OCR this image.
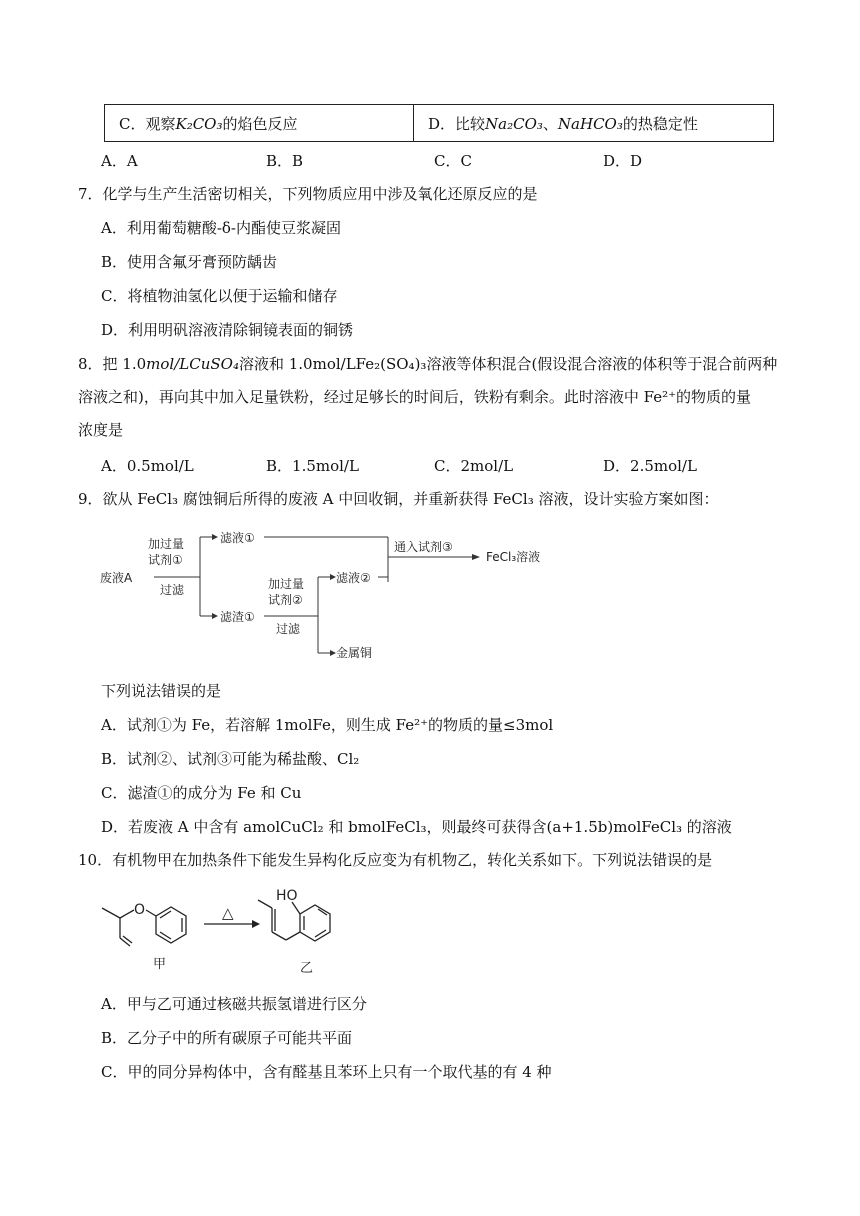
C．观察K₂CO₃的焰色反应	D．比较Na₂CO₃、NaHCO₃的热稳定性
A．A	B．B	C．C	D．D
7．化学与生产生活密切相关，下列物质应用中涉及氧化还原反应的是
A．利用葡萄糖酸-δ-内酯使豆浆凝固
B．使用含氟牙膏预防龋齿
C．将植物油氢化以便于运输和储存
D．利用明矾溶液清除铜镜表面的铜锈
8．把 1.0mol/LCuSO₄溶液和 1.0mol/LFe₂(SO₄)₃溶液等体积混合(假设混合溶液的体积等于混合前两种
溶液之和)，再向其中加入足量铁粉，经过足够长的时间后，铁粉有剩余。此时溶液中 Fe²⁺的物质的量
浓度是
A．0.5mol/L	B．1.5mol/L	C．2mol/L	D．2.5mol/L
9．欲从 FeCl₃ 腐蚀铜后所得的废液 A 中回收铜，并重新获得 FeCl₃ 溶液，设计实验方案如图：
废液A
加过量
试剂①
过滤
滤液①
滤渣①
加过量
试剂②
过滤
滤液②
金属铜
通入试剂③
FeCl₃溶液
下列说法错误的是
A．试剂①为 Fe，若溶解 1molFe，则生成 Fe²⁺的物质的量≤3mol
B．试剂②、试剂③可能为稀盐酸、Cl₂
C．滤渣①的成分为 Fe 和 Cu
D．若废液 A 中含有 amolCuCl₂ 和 bmolFeCl₃，则最终可获得含(a+1.5b)molFeCl₃ 的溶液
10．有机物甲在加热条件下能发生异构化反应变为有机物乙，转化关系如下。下列说法错误的是
O
HO
△
甲	乙
A．甲与乙可通过核磁共振氢谱进行区分
B．乙分子中的所有碳原子可能共平面
C．甲的同分异构体中，含有醛基且苯环上只有一个取代基的有 4 种
